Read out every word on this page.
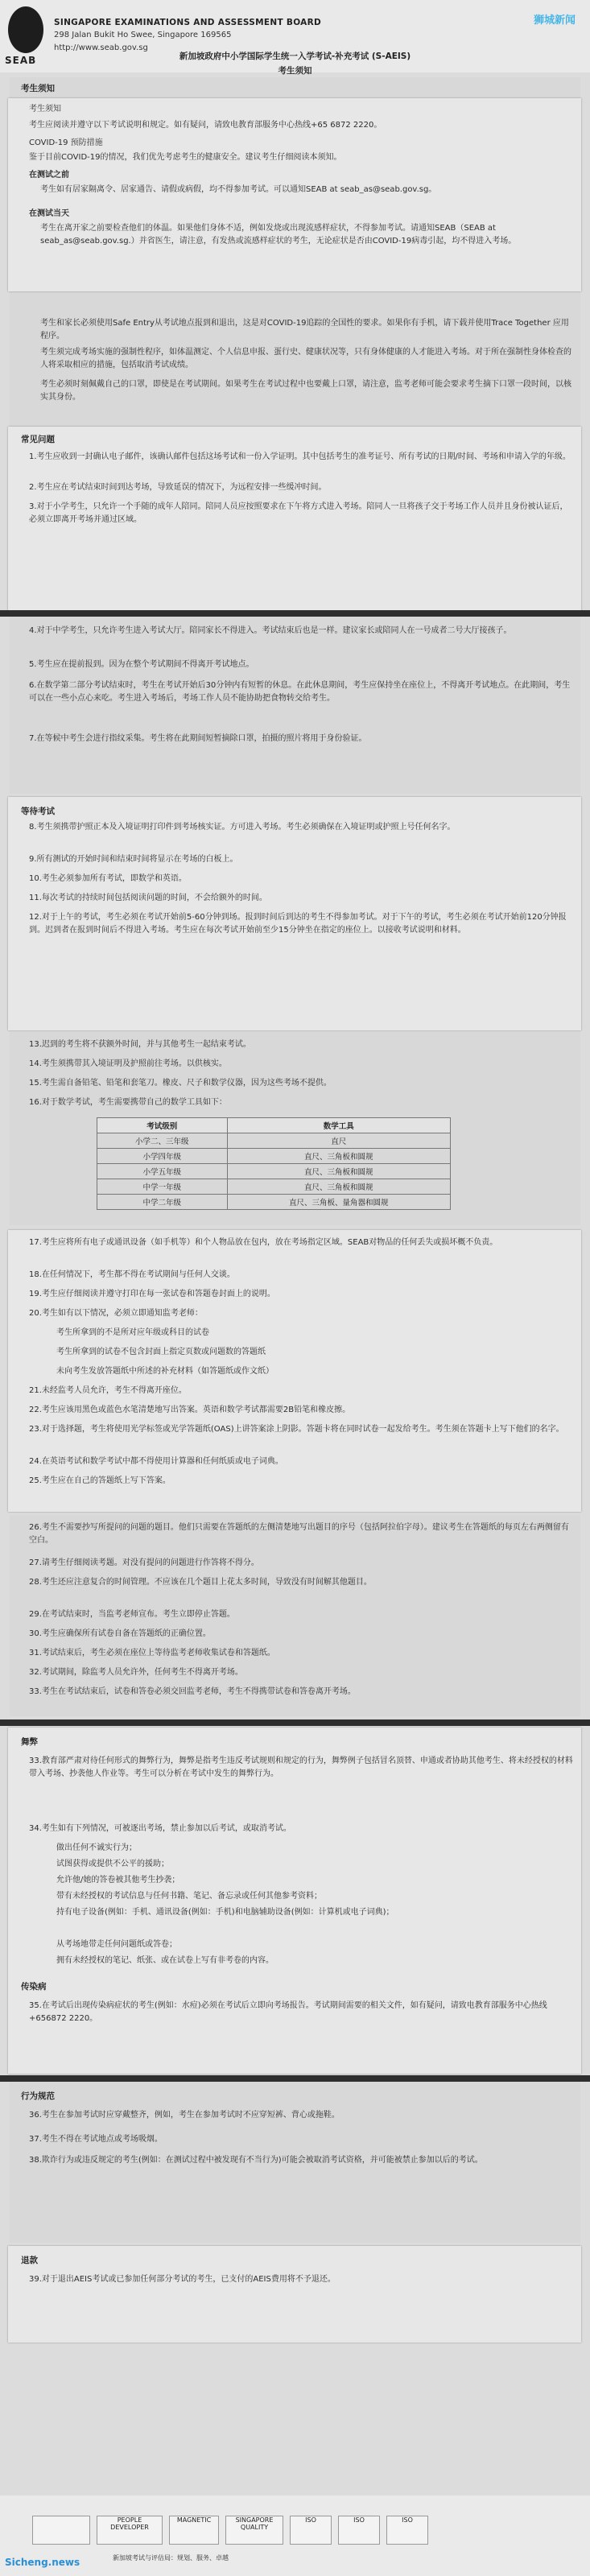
SEAB
SINGAPORE EXAMINATIONS AND ASSESSMENT BOARD
298 Jalan Bukit Ho Swee, Singapore 169565
http://www.seab.gov.sg
狮城新闻
新加坡政府中小学国际学生统一入学考试-补充考试 (S-AEIS)
考生须知
考生须知
考生须知
考生应阅读并遵守以下考试说明和规定。如有疑问，请致电教育部服务中心热线+65 6872 2220。
COVID-19 预防措施
鉴于目前COVID-19的情况，我们优先考虑考生的健康安全。建议考生仔细阅读本须知。
在测试之前
考生如有居家隔离令、居家通告、请假或病假，均不得参加考试。可以通知SEAB at seab_as@seab.gov.sg。
在测试当天
考生在离开家之前要检查他们的体温。如果他们身体不适，例如发烧或出现流感样症状，不得参加考试。请通知SEAB（SEAB at seab_as@seab.gov.sg.）并省医生，请注意，有发热或流感样症状的考生，无论症状是否由COVID-19病毒引起，均不得进入考场。
考生和家长必须使用Safe Entry从考试地点报到和退出，这是对COVID-19追踪的全国性的要求。如果你有手机，请下载并使用Trace Together 应用程序。
考生须完成考场实施的强制性程序，如体温测定、个人信息申报、蛋行史、健康状况等，只有身体健康的人才能进入考场。对于所在强制性身体检查的人将采取相应的措施，包括取消考试成绩。
考生必须时刻佩戴自己的口罩，即使是在考试期间。如果考生在考试过程中也要戴上口罩，请注意，监考老师可能会要求考生摘下口罩一段时间，以核实其身份。
常见问题
1.考生应收到一封确认电子邮件，该确认邮件包括这场考试和一份入学证明。其中包括考生的准考证号、所有考试的日期/时间、考场和申请入学的年级。
2.考生应在考试结束时间到达考场，导致延误的情况下，为远程安排一些缓冲时间。
3.对于小学考生，只允许一个手随的成年人陪同。陪同人员应按照要求在下午将方式进入考场。陪同人一旦将孩子交于考场工作人员并且身份被认证后，必须立即离开考场并通过区域。
4.对于中学考生，只允许考生进入考试大厅。陪同家长不得进入。考试结束后也是一样。建议家长或陪同人在一号成者二号大厅接孩子。
5.考生应在提前报到。因为在整个考试期间不得离开考试地点。
6.在数学第二部分考试结束时，考生在考试开始后30分钟内有短暂的休息。在此休息期间，考生应保持坐在座位上，不得离开考试地点。在此期间，考生可以在一些小点心来吃。考生进入考场后，考场工作人员不能协助把食物转交给考生。
7.在等候中考生会进行指纹采集。考生将在此期间短暂摘除口罩，拍摄的照片将用于身份验证。
等待考试
8.考生须携带护照正本及入境证明打印件到考场核实证。方可进入考场。考生必须确保在入境证明或护照上号任何名字。
9.所有测试的开始时间和结束时间将显示在考场的白板上。
10.考生必须参加所有考试，即数学和英语。
11.每次考试的持续时间包括阅读问题的时间，不会给额外的时间。
12.对于上午的考试，考生必须在考试开始前5-60分钟到场。报到时间后到达的考生不得参加考试。对于下午的考试，考生必须在考试开始前120分钟报到。迟到者在报到时间后不得进入考场。考生应在每次考试开始前至少15分钟坐在指定的座位上。以接收考试说明和材料。
13.迟到的考生将不获额外时间，并与其他考生一起结束考试。
14.考生须携带其入境证明及护照前往考场。以供核实。
15.考生需自备铅笔、铅笔和套笔刀。橡皮、尺子和数学仪器，因为这些考场不提供。
16.对于数学考试，考生需要携带自己的数学工具如下：
考试级别	数学工具
小学二、三年级	直尺
小学四年级	直尺、三角板和圆规
小学五年级	直尺、三角板和圆规
中学一年级	直尺、三角板和圆规
中学二年级	直尺、三角板、量角器和圆规
17.考生应将所有电子或通讯设备（如手机等）和个人物品放在包内，放在考场指定区域。SEAB对物品的任何丢失或损坏概不负责。
18.在任何情况下，考生都不得在考试期间与任何人交谈。
19.考生应仔细阅读并遵守打印在每一张试卷和答题卷封面上的说明。
20.考生如有以下情况，必须立即通知监考老师：
考生所拿到的不是所对应年级或科目的试卷
考生所拿到的试卷不包含封面上指定页数或问题数的答题纸
未向考生发放答题纸中所述的补充材料（如答题纸或作文纸）
21.未经监考人员允许，考生不得离开座位。
22.考生应该用黑色或蓝色水笔清楚地写出答案。英语和数学考试都需要2B铅笔和橡皮擦。
23.对于选择题，考生将使用光学标签或光学答题纸(OAS)上讲答案涂上阴影。答题卡将在同时试卷一起发给考生。考生须在答题卡上写下他们的名字。
24.在英语考试和数学考试中都不得使用计算器和任何纸质或电子词典。
25.考生应在自己的答题纸上写下答案。
26.考生不需要抄写所提问的问题的题目。他们只需要在答题纸的左侧清楚地写出题目的序号（包括阿拉伯字母）。建议考生在答题纸的每页左右两侧留有空白。
27.请考生仔细阅读考题。对没有提问的问题进行作答将不得分。
28.考生还应注意复合的时间管理。不应该在几个题目上花太多时间，导致没有时间解其他题目。
29.在考试结束时，当监考老师宣布。考生立即停止答题。
30.考生应确保所有试卷自备在答题纸的正确位置。
31.考试结束后，考生必须在座位上等待监考老师收集试卷和答题纸。
32.考试期间，除监考人员允许外，任何考生不得离开考场。
33.考生在考试结束后，试卷和答卷必须交回监考老师，考生不得携带试卷和答卷离开考场。
舞弊
33.教育部严肃对待任何形式的舞弊行为，舞弊是指考生违反考试规则和规定的行为，舞弊例子包括冒名顶替、申通或者协助其他考生、将未经授权的材料带入考场、抄袭他人作业等。考生可以分析在考试中发生的舞弊行为。
34.考生如有下列情况，可被逐出考场，禁止参加以后考试，或取消考试。
做出任何不诚实行为；
试图获得或提供不公平的援助；
允许他/她的答卷被其他考生抄袭；
带有未经授权的考试信息与任何书籍、笔记、备忘录或任何其他参考资料；
持有电子设备(例如：手机、通讯设备(例如：手机)和电脑辅助设备(例如：计算机或电子词典)；
从考场地带走任何问题纸或答卷；
拥有未经授权的笔记、纸张、或在试卷上写有非考卷的内容。
传染病
35.在考试后出现传染病症状的考生(例如：水痘)必须在考试后立即向考场报告。考试期间需要的相关文件，如有疑问，请致电教育部服务中心热线+656872 2220。
行为规范
36.考生在参加考试时应穿戴整齐，例如，考生在参加考试时不应穿短裤、背心或拖鞋。
37.考生不得在考试地点或考场吸烟。
38.欺诈行为或违反规定的考生(例如：在测试过程中被发现有不当行为)可能会被取消考试资格，并可能被禁止参加以后的考试。
退款
39.对于退出AEIS考试或已参加任何部分考试的考生，已支付的AEIS费用将不予退还。
PEOPLE DEVELOPER
MAGNETIC	SINGAPORE QUALITY
ISO	ISO	ISO
新加坡考试与评估局：规划、服务、卓越
Sicheng.news
